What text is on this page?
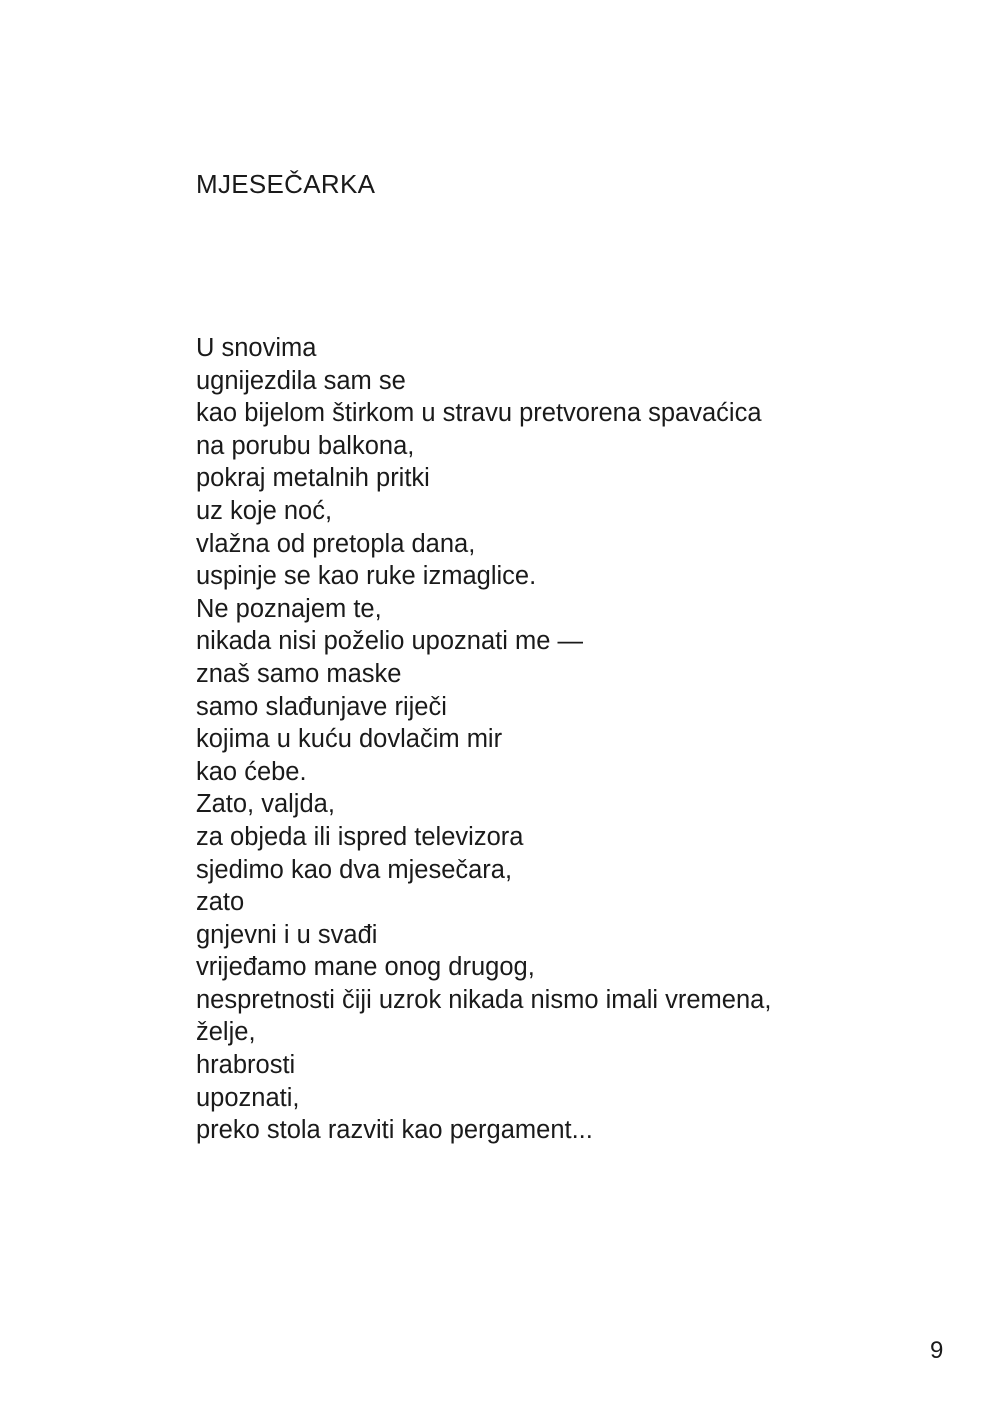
MJESEČARKA
U snovima
ugnijezdila sam se
kao bijelom štirkom u stravu pretvorena spavaćica
na porubu balkona,
pokraj metalnih pritki
uz koje noć,
vlažna od pretopla dana,
uspinje se kao ruke izmaglice.
Ne poznajem te,
nikada nisi poželio upoznati me —
znaš samo maske
samo slađunjave riječi
kojima u kuću dovlačim mir
kao ćebe.
Zato, valjda,
za objeda ili ispred televizora
sjedimo kao dva mjesečara,
zato
gnjevni i u svađi
vrijeđamo mane onog drugog,
nespretnosti čiji uzrok nikada nismo imali vremena,
želje,
hrabrosti
upoznati,
preko stola razviti kao pergament...
9
